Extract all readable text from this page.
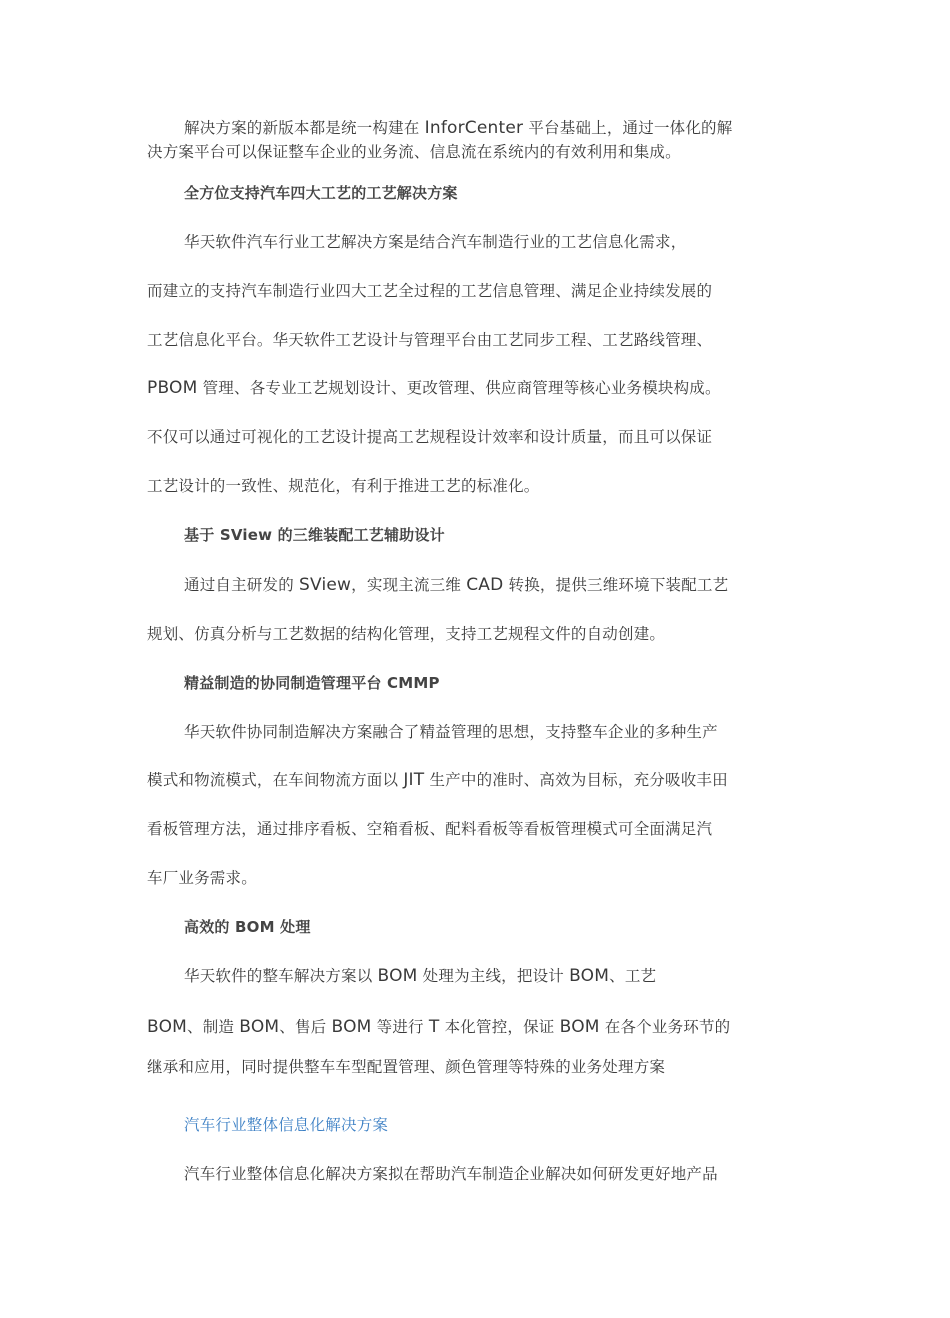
解决方案的新版本都是统一构建在 InforCenter 平台基础上，通过一体化的解
决方案平台可以保证整车企业的业务流、信息流在系统内的有效利用和集成。
全方位支持汽车四大工艺的工艺解决方案
华天软件汽车行业工艺解决方案是结合汽车制造行业的工艺信息化需求，
而建立的支持汽车制造行业四大工艺全过程的工艺信息管理、满足企业持续发展的
工艺信息化平台。华天软件工艺设计与管理平台由工艺同步工程、工艺路线管理、
PBOM 管理、各专业工艺规划设计、更改管理、供应商管理等核心业务模块构成。
不仅可以通过可视化的工艺设计提高工艺规程设计效率和设计质量，而且可以保证
工艺设计的一致性、规范化，有利于推进工艺的标准化。
基于 SView 的三维装配工艺辅助设计
通过自主研发的 SView，实现主流三维 CAD 转换，提供三维环境下装配工艺
规划、仿真分析与工艺数据的结构化管理，支持工艺规程文件的自动创建。
精益制造的协同制造管理平台 CMMP
华天软件协同制造解决方案融合了精益管理的思想，支持整车企业的多种生产
模式和物流模式，在车间物流方面以 JIT 生产中的准时、高效为目标，充分吸收丰田
看板管理方法，通过排序看板、空箱看板、配料看板等看板管理模式可全面满足汽
车厂业务需求。
高效的 BOM 处理
华天软件的整车解决方案以 BOM 处理为主线，把设计 BOM、工艺
BOM、制造 BOM、售后 BOM 等进行 T 本化管控，保证 BOM 在各个业务环节的
继承和应用，同时提供整车车型配置管理、颜色管理等特殊的业务处理方案
汽车行业整体信息化解决方案
汽车行业整体信息化解决方案拟在帮助汽车制造企业解决如何研发更好地产品
